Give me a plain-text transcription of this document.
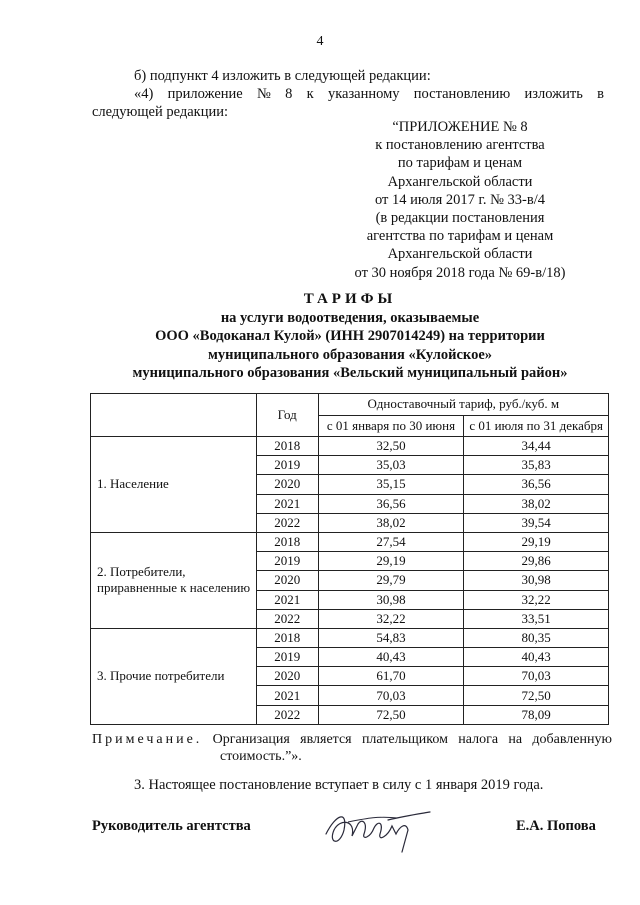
4
б) подпункт 4 изложить в следующей редакции:
«4) приложение № 8 к указанному постановлению изложить в
следующей редакции:
“ПРИЛОЖЕНИЕ № 8
к постановлению агентства
по тарифам и ценам
Архангельской области
от 14 июля 2017 г. № 33-в/4
(в редакции постановления
агентства по тарифам и ценам
Архангельской области
от 30 ноября 2018 года № 69-в/18)
ТАРИФЫ
на услуги водоотведения, оказываемые
ООО «Водоканал Кулой» (ИНН 2907014249) на территории
муниципального образования «Кулойское»
муниципального образования «Вельский муниципальный район»
	Год	Одноставочный тариф, руб./куб. м	
		с 01 января по 30 июня	с 01 июля по 31 декабря

1. Население	2018	32,50	34,44
	2019	35,03	35,83
	2020	35,15	36,56
	2021	36,56	38,02
	2022	38,02	39,54

2. Потребители,
приравненные к населению	2018	27,54	29,19
	2019	29,19	29,86
	2020	29,79	30,98
	2021	30,98	32,22
	2022	32,22	33,51

3. Прочие потребители	2018	54,83	80,35
	2019	40,43	40,43
	2020	61,70	70,03
	2021	70,03	72,50
	2022	72,50	78,09
Примечание. Организация является плательщиком налога на добавленную
стоимость.”».
3. Настоящее постановление вступает в силу с 1 января 2019 года.
Руководитель агентства	Е.А. Попова
